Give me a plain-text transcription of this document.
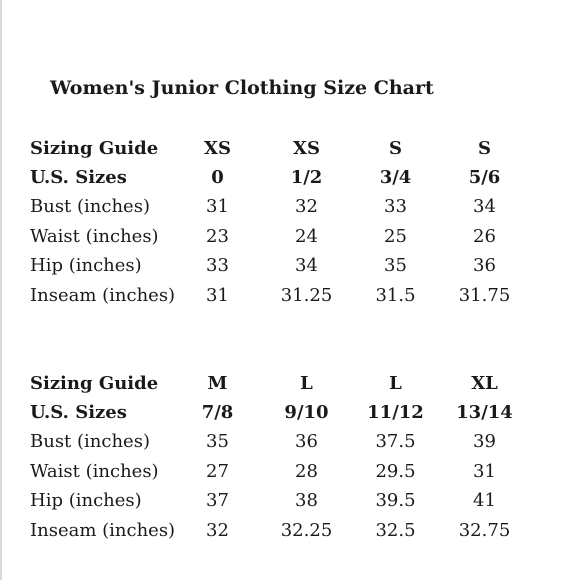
Women's Junior Clothing Size Chart
Sizing Guide	XS	XS	S	S
U.S. Sizes	0	1/2	3/4	5/6
Bust (inches)	31	32	33	34
Waist (inches)	23	24	25	26
Hip (inches)	33	34	35	36
Inseam (inches)	31	31.25	31.5	31.75
Sizing Guide	M	L	L	XL
U.S. Sizes	7/8	9/10	11/12	13/14
Bust (inches)	35	36	37.5	39
Waist (inches)	27	28	29.5	31
Hip (inches)	37	38	39.5	41
Inseam (inches)	32	32.25	32.5	32.75
